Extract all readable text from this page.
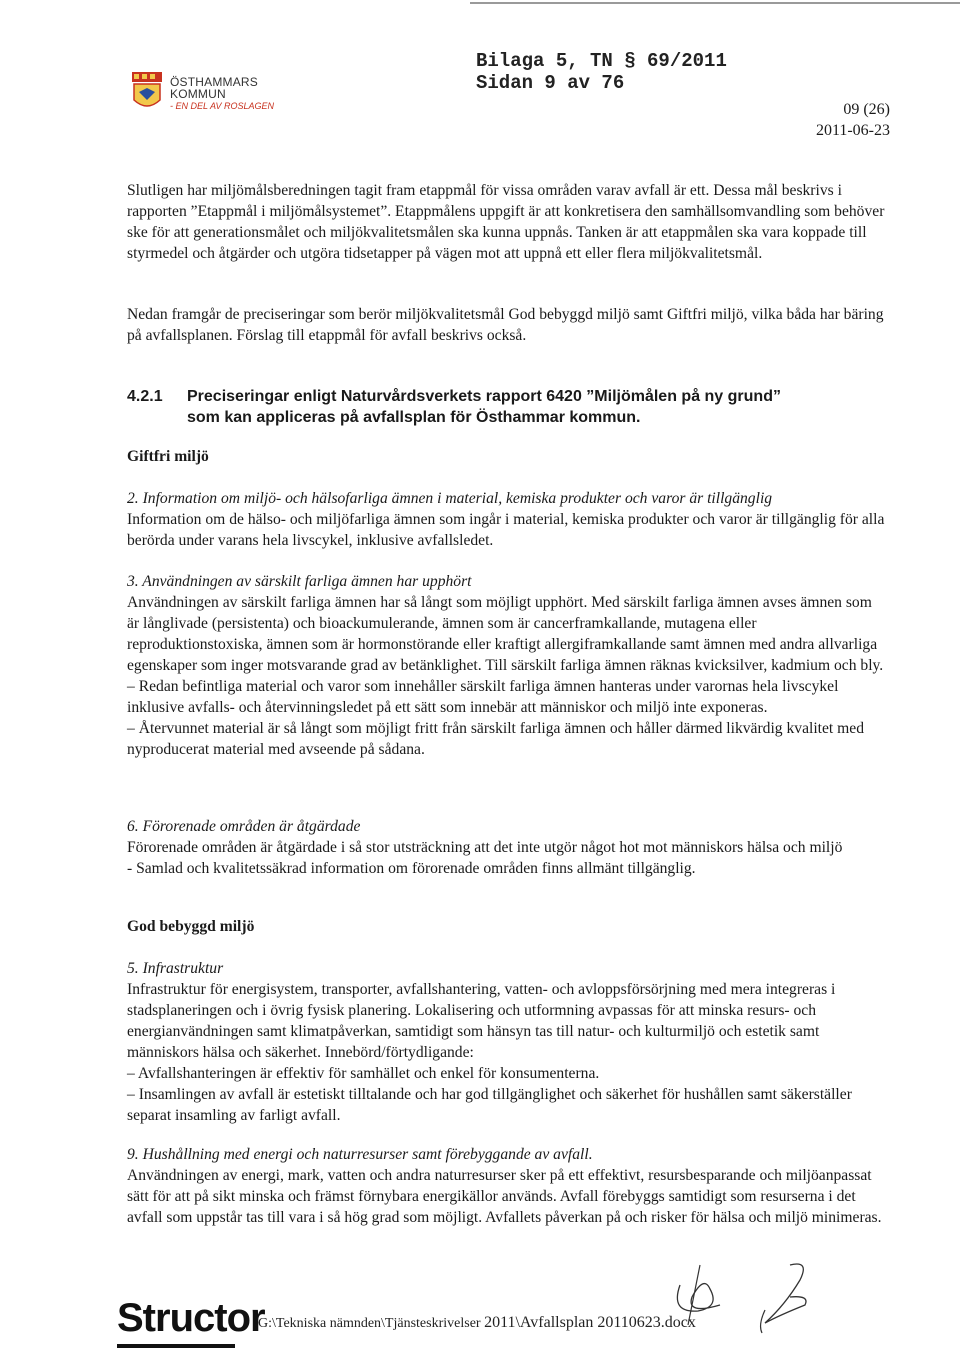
ÖSTHAMMARS
KOMMUN
- EN DEL AV ROSLAGEN
Bilaga 5, TN § 69/2011
Sidan 9 av 76
09 (26)
2011-06-23

Slutligen har miljömålsberedningen tagit fram etappmål för vissa områden varav avfall är ett. Dessa mål beskrivs i rapporten ”Etappmål i miljömålsystemet”. Etappmålens uppgift är att konkretisera den samhällsomvandling som behöver ske för att generationsmålet och miljökvalitetsmålen ska kunna uppnås. Tanken är att etappmålen ska vara koppade till styrmedel och åtgärder och utgöra tidsetapper på vägen mot att uppnå ett eller flera miljökvalitetsmål.

Nedan framgår de preciseringar som berör miljökvalitetsmål God bebyggd miljö samt Giftfri miljö, vilka båda har bäring på avfallsplanen. Förslag till etappmål för avfall beskrivs också.

4.2.1 Preciseringar enligt Naturvårdsverkets rapport 6420 ”Miljömålen på ny grund”
som kan appliceras på avfallsplan för Östhammar kommun.
Giftfri miljö

2. Information om miljö- och hälsofarliga ämnen i material, kemiska produkter och varor är tillgänglig

Information om de hälso- och miljöfarliga ämnen som ingår i material, kemiska produkter och varor är tillgänglig för alla berörda under varans hela livscykel, inklusive avfallsledet.

3. Användningen av särskilt farliga ämnen har upphört

Användningen av särskilt farliga ämnen har så långt som möjligt upphört. Med särskilt farliga ämnen avses ämnen som är långlivade (persistenta) och bioackumulerande, ämnen som är cancerframkallande, mutagena eller reproduktionstoxiska, ämnen som är hormonstörande eller kraftigt allergiframkallande samt ämnen med andra allvarliga egenskaper som inger motsvarande grad av betänklighet. Till särskilt farliga ämnen räknas kvicksilver, kadmium och bly.

– Redan befintliga material och varor som innehåller särskilt farliga ämnen hanteras under varornas hela livscykel inklusive avfalls- och återvinningsledet på ett sätt som innebär att människor och miljö inte exponeras.

– Återvunnet material är så långt som möjligt fritt från särskilt farliga ämnen och håller därmed likvärdig kvalitet med nyproducerat material med avseende på sådana.

6. Förorenade områden är åtgärdade

Förorenade områden är åtgärdade i så stor utsträckning att det inte utgör något hot mot människors hälsa och miljö

- Samlad och kvalitetssäkrad information om förorenade områden finns allmänt tillgänglig.

God bebyggd miljö

5. Infrastruktur

Infrastruktur för energisystem, transporter, avfallshantering, vatten- och avloppsförsörjning med mera integreras i stadsplaneringen och i övrig fysisk planering. Lokalisering och utformning avpassas för att minska resurs- och energianvändningen samt klimatpåverkan, samtidigt som hänsyn tas till natur- och kulturmiljö och estetik samt människors hälsa och säkerhet. Innebörd/förtydligande:

– Avfallshanteringen är effektiv för samhället och enkel för konsumenterna.

– Insamlingen av avfall är estetiskt tilltalande och har god tillgänglighet och säkerhet för hushållen samt säkerställer separat insamling av farligt avfall.

9. Hushållning med energi och naturresurser samt förebyggande av avfall.

Användningen av energi, mark, vatten och andra naturresurser sker på ett effektivt, resursbesparande och miljöanpassat sätt för att på sikt minska och främst förnybara energikällor används. Avfall förebyggs samtidigt som resurserna i det avfall som uppstår tas till vara i så hög grad som möjligt. Avfallets påverkan på och risker för hälsa och miljö minimeras.

Structor
G:\Tekniska nämnden\Tjänsteskrivelser 2011\Avfallsplan 20110623.docx
